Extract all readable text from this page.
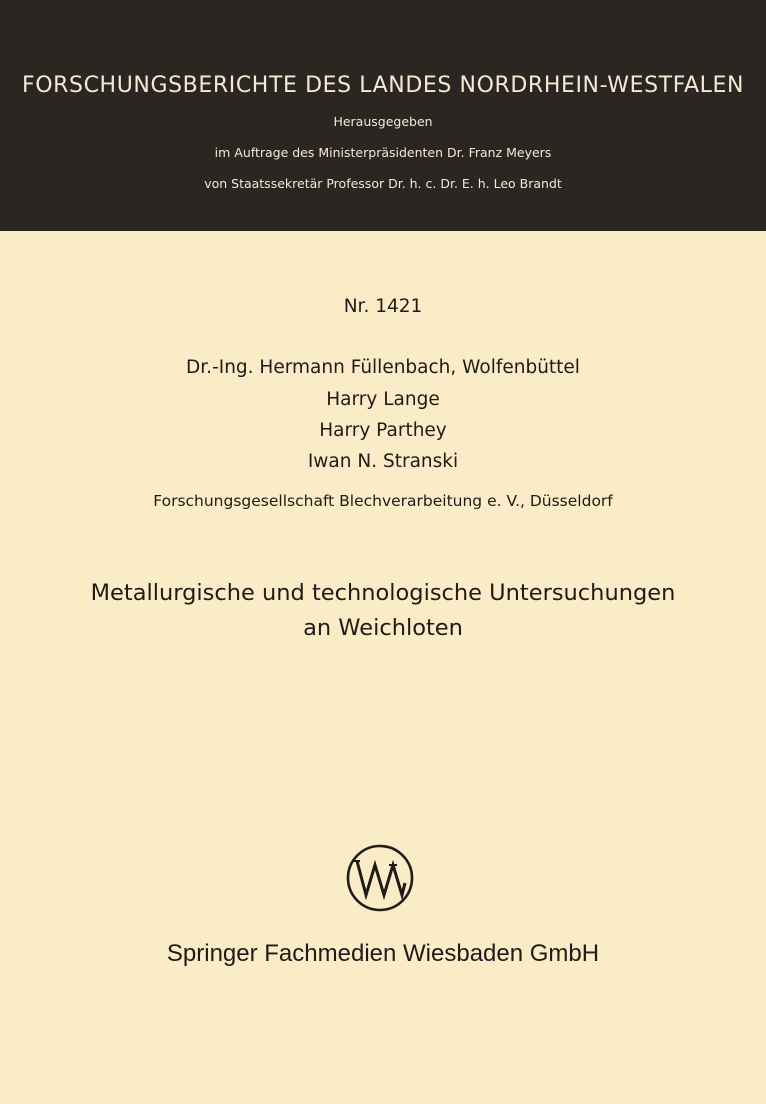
FORSCHUNGSBERICHTE DES LANDES NORDRHEIN-WESTFALEN
Herausgegeben
im Auftrage des Ministerpräsidenten Dr. Franz Meyers
von Staatssekretär Professor Dr. h. c. Dr. E. h. Leo Brandt
Nr. 1421
Dr.-Ing. Hermann Füllenbach, Wolfenbüttel
Harry Lange
Harry Parthey
Iwan N. Stranski
Forschungsgesellschaft Blechverarbeitung e. V., Düsseldorf
Metallurgische und technologische Untersuchungen
an Weichloten
Springer Fachmedien Wiesbaden GmbH
